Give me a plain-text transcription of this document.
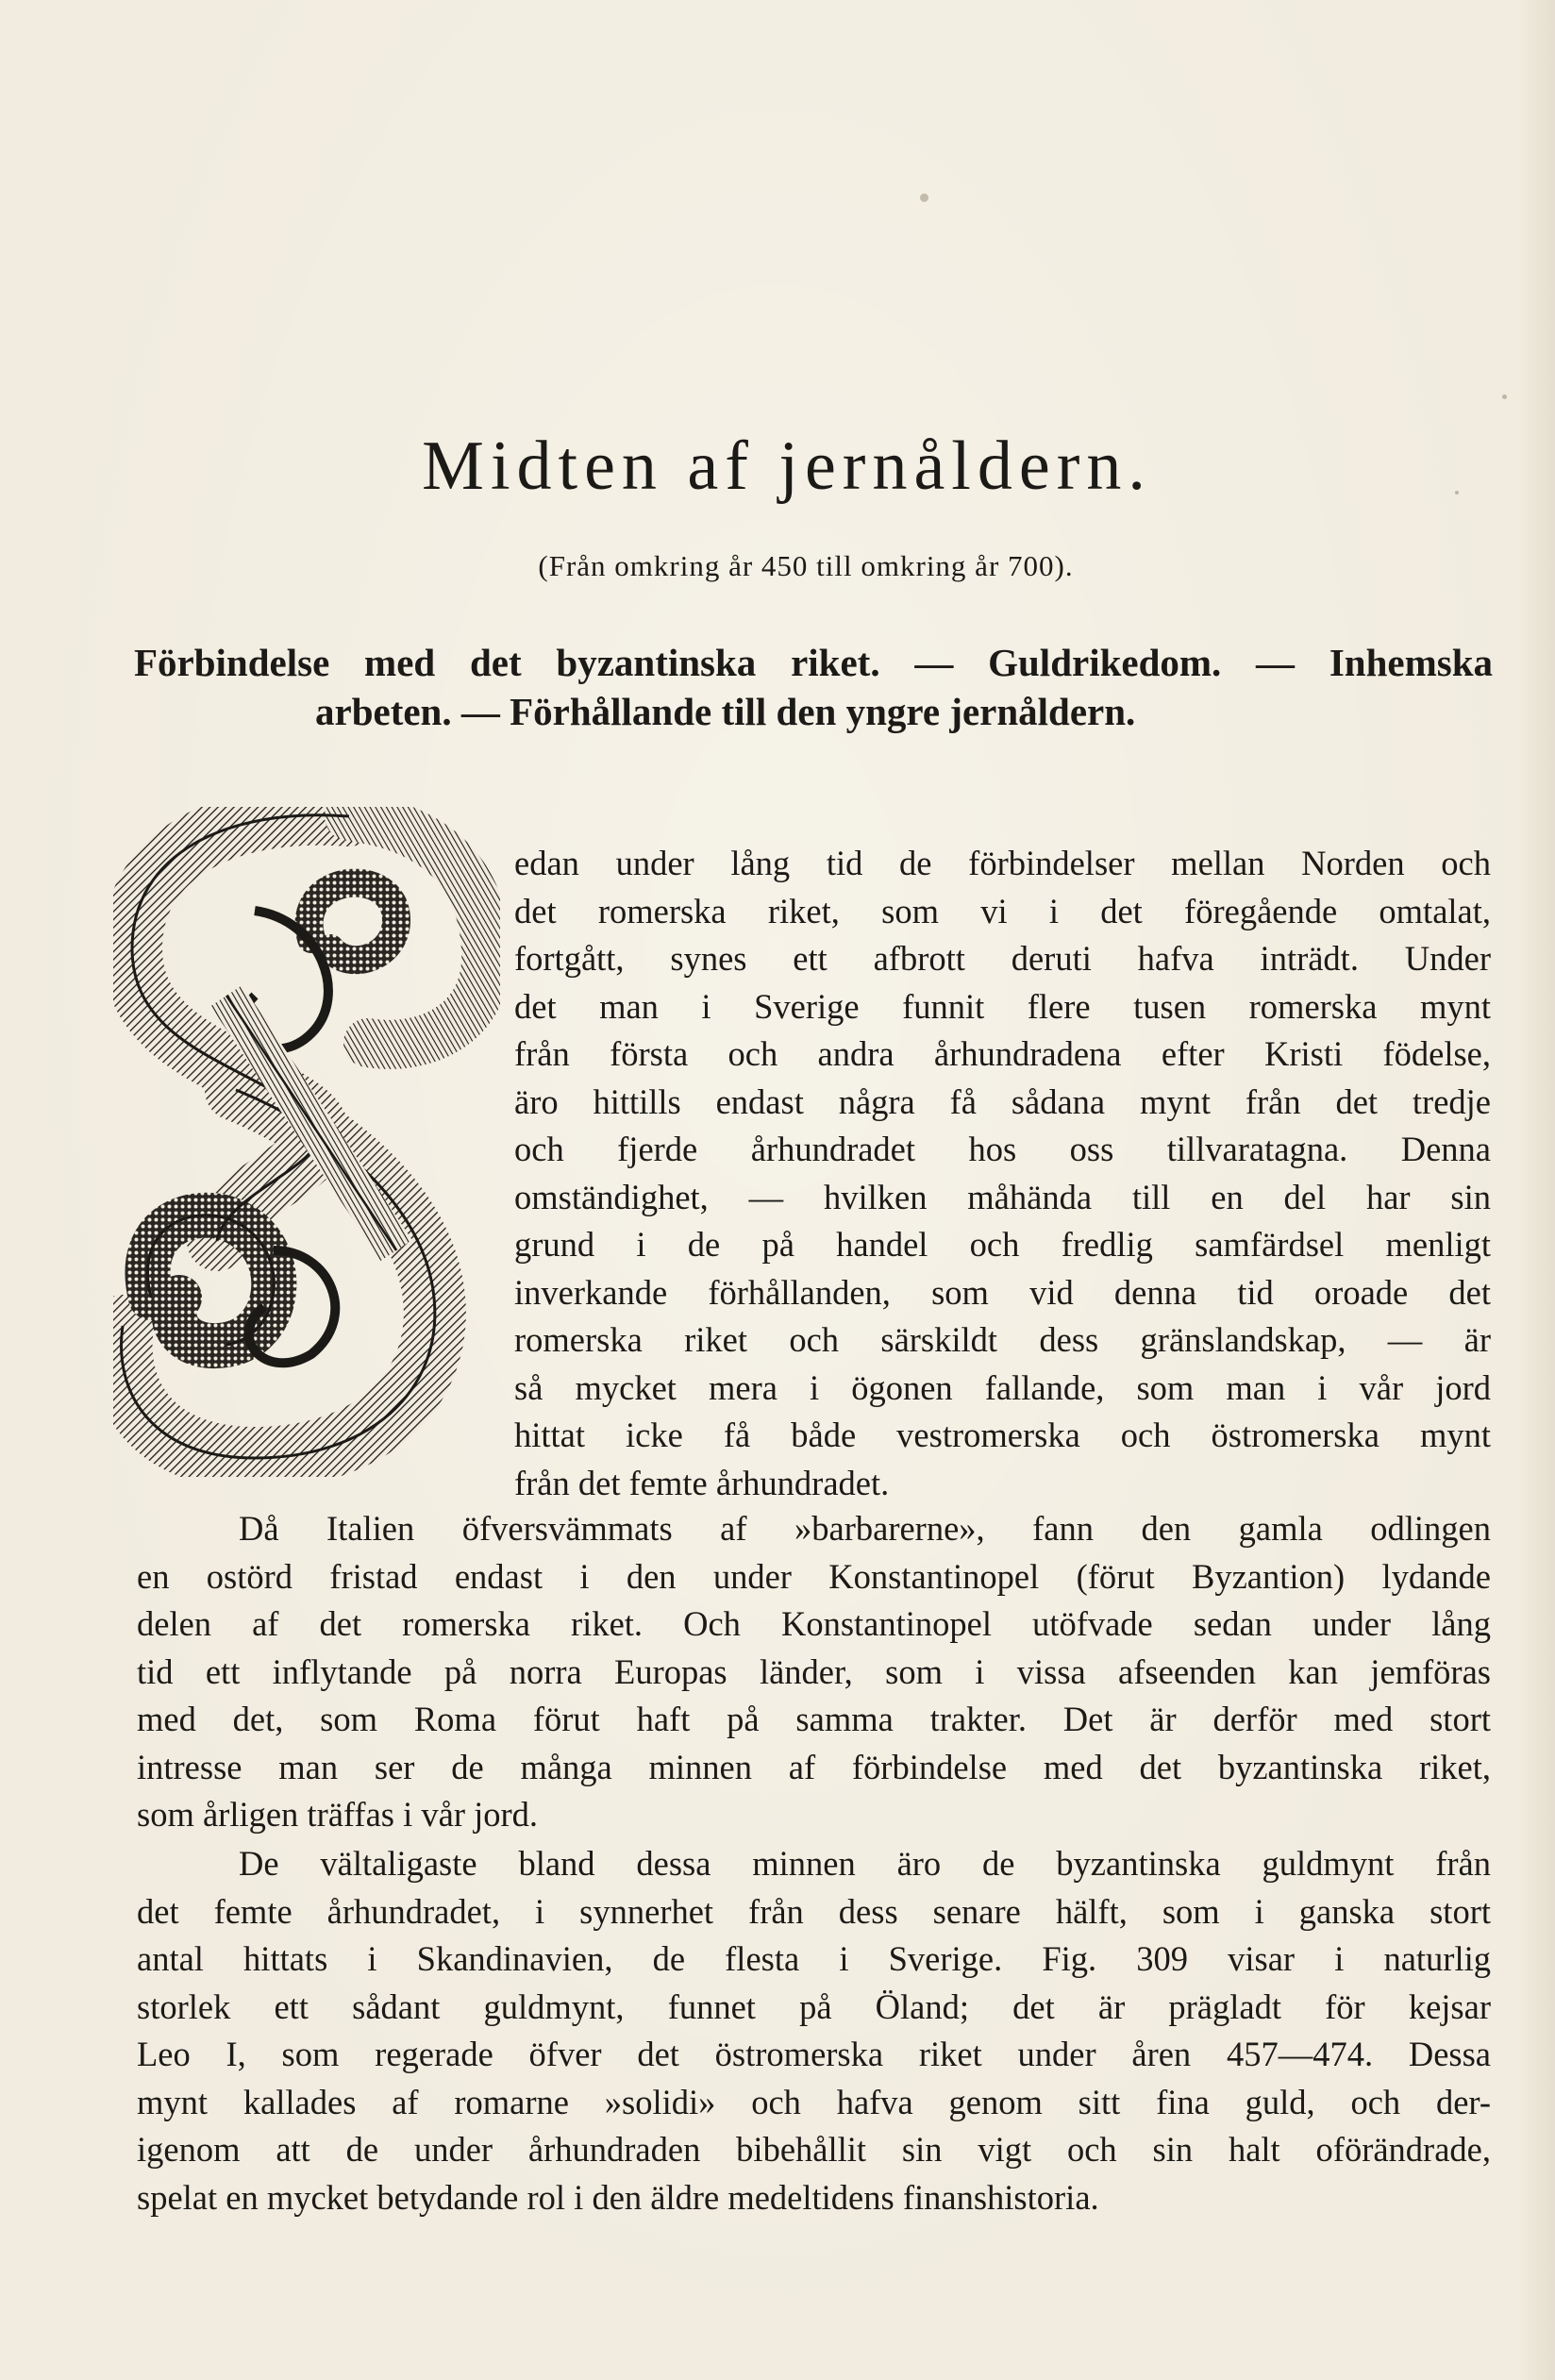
Midten af jernåldern.
(Från omkring år 450 till omkring år 700).
Förbindelse med det byzantinska riket. — Guldrikedom. — Inhemska
arbeten. — Förhållande till den yngre jernåldern.
edan under lång tid de förbindelser mellan Norden och
det romerska riket, som vi i det föregående omtalat,
fortgått, synes ett afbrott deruti hafva inträdt. Under
det man i Sverige funnit flere tusen romerska mynt
från första och andra århundradena efter Kristi födelse,
äro hittills endast några få sådana mynt från det tredje
och fjerde århundradet hos oss tillvaratagna. Denna
omständighet, — hvilken måhända till en del har sin
grund i de på handel och fredlig samfärdsel menligt
inverkande förhållanden, som vid denna tid oroade det
romerska riket och särskildt dess gränslandskap, — är
så mycket mera i ögonen fallande, som man i vår jord
hittat icke få både vestromerska och östromerska mynt
från det femte århundradet.
Då Italien öfversvämmats af »barbarerne», fann den gamla odlingen
en ostörd fristad endast i den under Konstantinopel (förut Byzantion) lydande
delen af det romerska riket. Och Konstantinopel utöfvade sedan under lång
tid ett inflytande på norra Europas länder, som i vissa afseenden kan jemföras
med det, som Roma förut haft på samma trakter. Det är derför med stort
intresse man ser de många minnen af förbindelse med det byzantinska riket,
som årligen träffas i vår jord.
De vältaligaste bland dessa minnen äro de byzantinska guldmynt från
det femte århundradet, i synnerhet från dess senare hälft, som i ganska stort
antal hittats i Skandinavien, de flesta i Sverige. Fig. 309 visar i naturlig
storlek ett sådant guldmynt, funnet på Öland; det är prägladt för kejsar
Leo I, som regerade öfver det östromerska riket under åren 457—474. Dessa
mynt kallades af romarne »solidi» och hafva genom sitt fina guld, och der-
igenom att de under århundraden bibehållit sin vigt och sin halt oförändrade,
spelat en mycket betydande rol i den äldre medeltidens finanshistoria.
